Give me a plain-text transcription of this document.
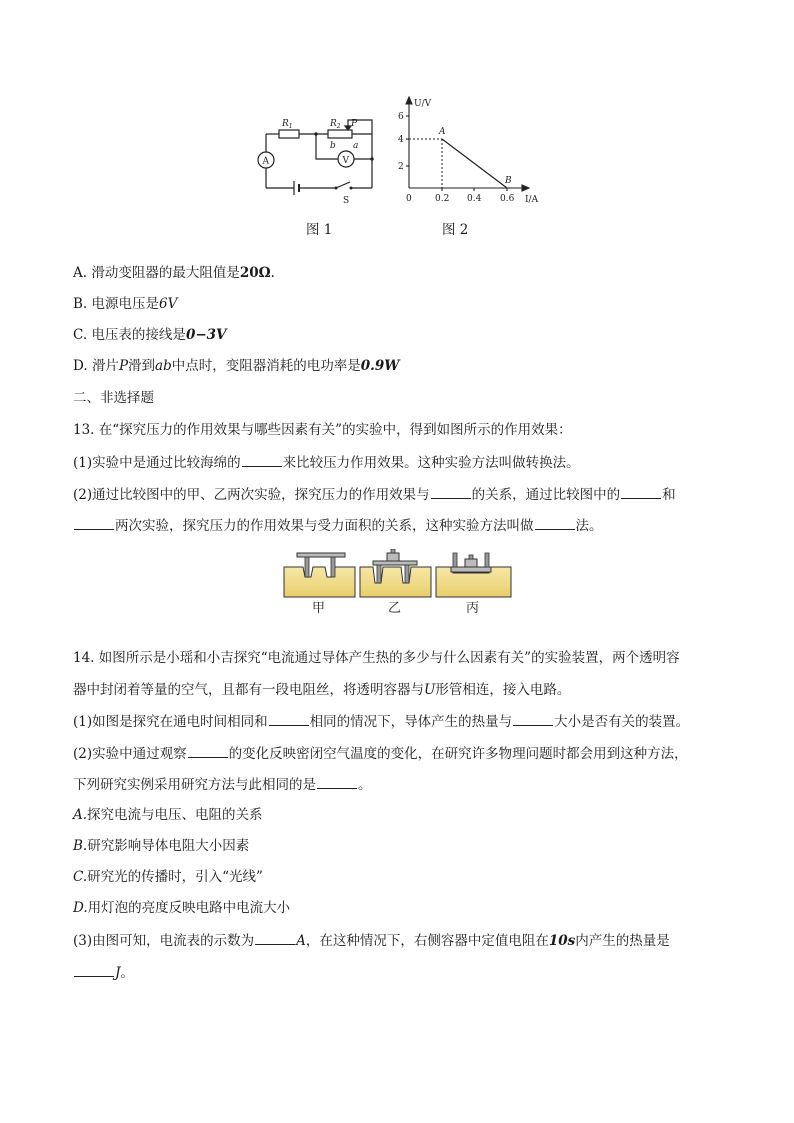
$R_1$	$R_2$ P
b a
A	V
S
图 1
U/V
I/A
6
4
2
0	0.2 0.4 0.6
A
B
图 2
A. 滑动变阻器的最大阻值是20Ω.
B. 电源电压是6V
C. 电压表的接线是0−3V
D. 滑片P滑到ab中点时，变阻器消耗的电功率是0.9W
二、非选择题
13. 在“探究压力的作用效果与哪些因素有关”的实验中，得到如图所示的作用效果：
(1)实验中是通过比较海绵的	来比较压力作用效果。这种实验方法叫做转换法。
(2)通过比较图中的甲、乙两次实验，探究压力的作用效果与	的关系，通过比较图中的	和
两次实验，探究压力的作用效果与受力面积的关系，这种实验方法叫做	法。
甲	乙	丙
14. 如图所示是小瑶和小吉探究“电流通过导体产生热的多少与什么因素有关”的实验装置，两个透明容
器中封闭着等量的空气，且都有一段电阻丝，将透明容器与U形管相连，接入电路。
(1)如图是探究在通电时间相同和	相同的情况下，导体产生的热量与	大小是否有关的装置。
(2)实验中通过观察	的变化反映密闭空气温度的变化，在研究许多物理问题时都会用到这种方法，
下列研究实例采用研究方法与此相同的是	。
A.探究电流与电压、电阻的关系
B.研究影响导体电阻大小因素
C.研究光的传播时，引入“光线”
D.用灯泡的亮度反映电路中电流大小
(3)由图可知，电流表的示数为	A，在这种情况下，右侧容器中定值电阻在10s内产生的热量是
J。
